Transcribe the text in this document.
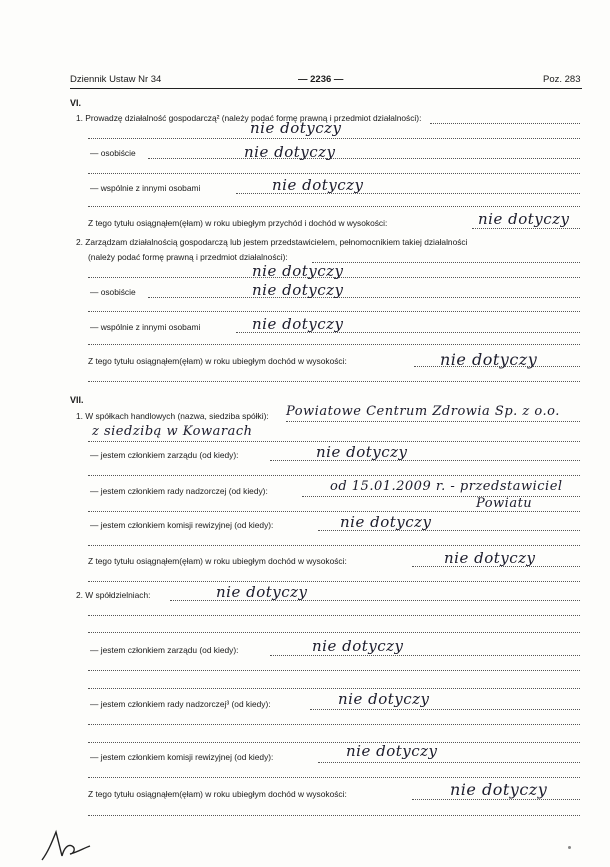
Dziennik Ustaw Nr 34	— 2236 —	Poz. 283
VI.
1. Prowadzę działalność gospodarczą² (należy podać formę prawną i przedmiot działalności):
nie dotyczy
— osobiście	nie dotyczy
— wspólnie z innymi osobami	nie dotyczy
Z tego tytułu osiągnąłem(ęłam) w roku ubiegłym przychód i dochód w wysokości:	nie dotyczy
2. Zarządzam działalnością gospodarczą lub jestem przedstawicielem, pełnomocnikiem takiej działalności
(należy podać formę prawną i przedmiot działalności):
nie dotyczy
— osobiście	nie dotyczy
— wspólnie z innymi osobami	nie dotyczy
Z tego tytułu osiągnąłem(ęłam) w roku ubiegłym dochód w wysokości:	nie dotyczy
VII.
1. W spółkach handlowych (nazwa, siedziba spółki): Powiatowe Centrum Zdrowia Sp. z o.o.
z siedzibą w Kowarach
— jestem członkiem zarządu (od kiedy):	nie dotyczy
— jestem członkiem rady nadzorczej (od kiedy):	od 15.01.2009 r. - przedstawiciel
Powiatu
— jestem członkiem komisji rewizyjnej (od kiedy):	nie dotyczy
Z tego tytułu osiągnąłem(ęłam) w roku ubiegłym dochód w wysokości:	nie dotyczy
2. W spółdzielniach:	nie dotyczy
— jestem członkiem zarządu (od kiedy):	nie dotyczy
— jestem członkiem rady nadzorczej³ (od kiedy):	nie dotyczy
— jestem członkiem komisji rewizyjnej (od kiedy):	nie dotyczy
Z tego tytułu osiągnąłem(ęłam) w roku ubiegłym dochód w wysokości:	nie dotyczy
